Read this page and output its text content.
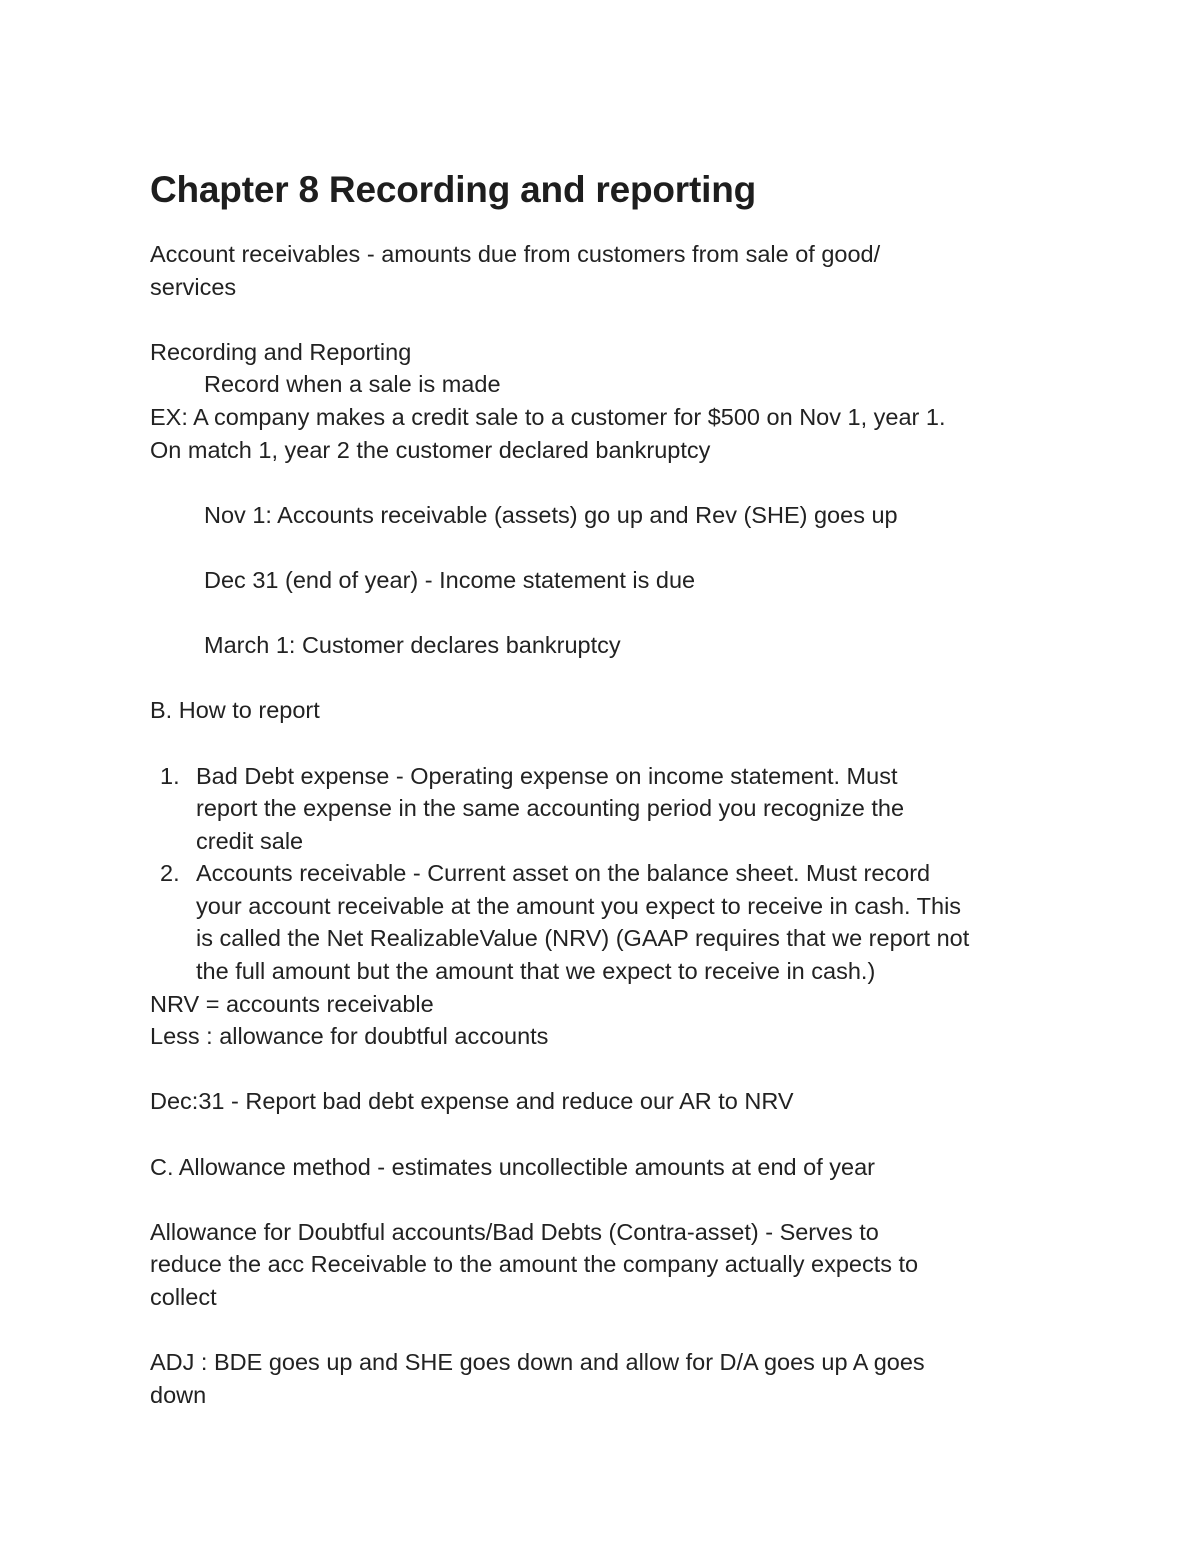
Chapter 8 Recording and reporting

Account receivables - amounts due from customers from sale of good/

services

Recording and Reporting

Record when a sale is made

EX: A company makes a credit sale to a customer for $500 on Nov 1, year 1.

On match 1, year 2 the customer declared bankruptcy

Nov 1: Accounts receivable (assets) go up and Rev (SHE) goes up

Dec 31 (end of year) - Income statement is due

March 1: Customer declares bankruptcy

B. How to report

1. Bad Debt expense - Operating expense on income statement. Must
report the expense in the same accounting period you recognize the
credit sale
2. Accounts receivable - Current asset on the balance sheet. Must record
your account receivable at the amount you expect to receive in cash. This
is called the Net RealizableValue (NRV) (GAAP requires that we report not
the full amount but the amount that we expect to receive in cash.)

NRV = accounts receivable

Less : allowance for doubtful accounts

Dec:31 - Report bad debt expense and reduce our AR to NRV

C. Allowance method - estimates uncollectible amounts at end of year

Allowance for Doubtful accounts/Bad Debts (Contra-asset) - Serves to

reduce the acc Receivable to the amount the company actually expects to

collect

ADJ : BDE goes up and SHE goes down and allow for D/A goes up A goes

down
